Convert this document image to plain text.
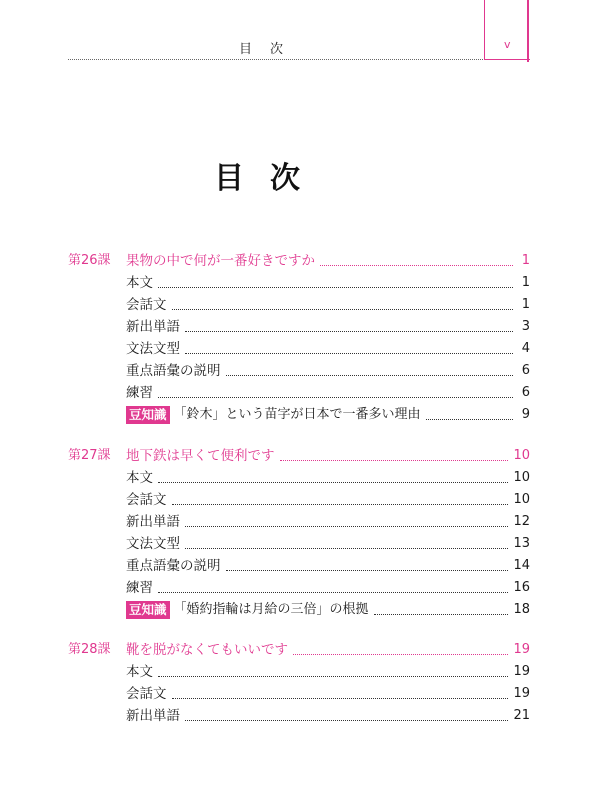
目次	v
目次
第26課	果物の中で何が一番好きですか	1
本文	1
会話文	1
新出単語	3
文法文型	4
重点語彙の説明	6
練習	6
豆知識 「鈴木」という苗字が日本で一番多い理由	9
第27課	地下鉄は早くて便利です	10
本文	10
会話文	10
新出単語	12
文法文型	13
重点語彙の説明	14
練習	16
豆知識 「婚約指輪は月給の三倍」の根拠	18
第28課	靴を脱がなくてもいいです	19
本文	19
会話文	19
新出単語	21
